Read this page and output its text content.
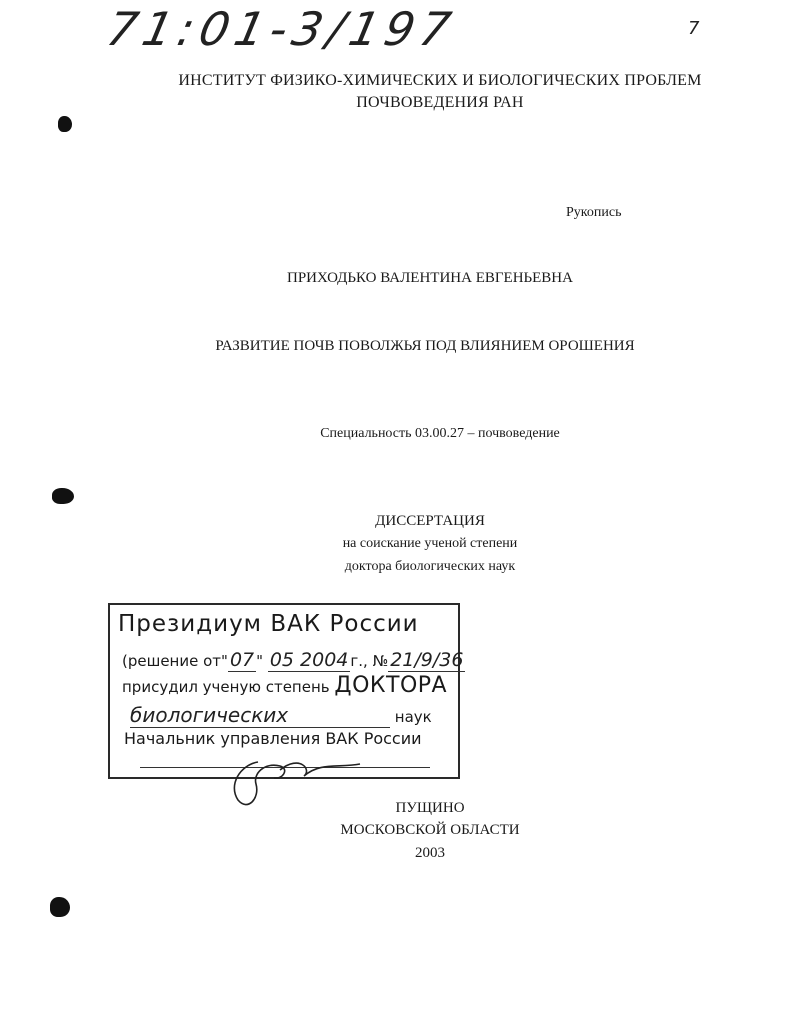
71:01-3/197	7
ИНСТИТУТ ФИЗИКО-ХИМИЧЕСКИХ И БИОЛОГИЧЕСКИХ ПРОБЛЕМ
ПОЧВОВЕДЕНИЯ РАН
Рукопись
ПРИХОДЬКО ВАЛЕНТИНА ЕВГЕНЬЕВНА
РАЗВИТИЕ ПОЧВ ПОВОЛЖЬЯ ПОД ВЛИЯНИЕМ ОРОШЕНИЯ
Специальность 03.00.27 – почвоведение
ДИССЕРТАЦИЯ
на соискание ученой степени
доктора биологических наук
Президиум ВАК России
(решение от" 07 " 05 2004 г., № 21/9/36
присудил ученую степень ДОКТОРА
биологических	наук
Начальник управления ВАК России
ПУЩИНО
МОСКОВСКОЙ ОБЛАСТИ
2003
